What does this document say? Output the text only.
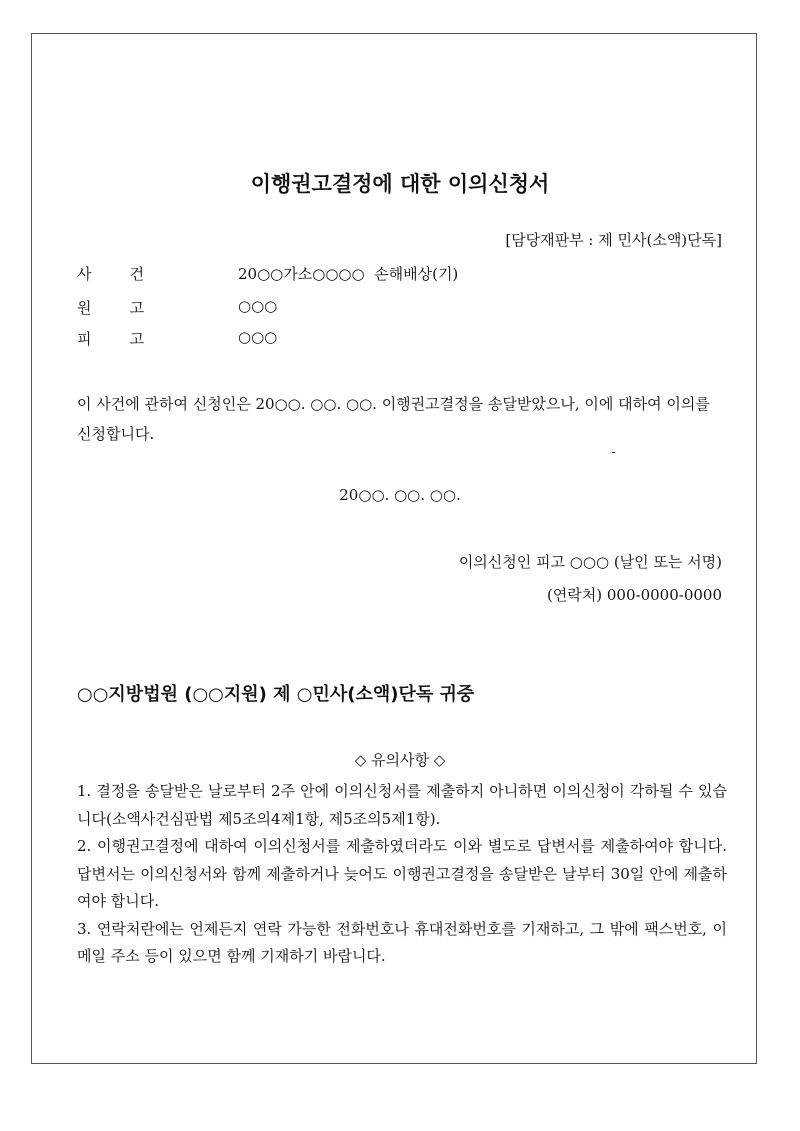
이행권고결정에 대한 이의신청서
[담당재판부 : 제 민사(소액)단독]
사        건	20○○가소○○○○  손해배상(기)
원        고	○○○
피        고	○○○
이 사건에 관하여 신청인은 20○○. ○○. ○○. 이행권고결정을 송달받았으나, 이에 대하여 이의를 신청합니다.
20○○. ○○. ○○.
이의신청인 피고 ○○○ (날인 또는 서명)
(연락처) 000-0000-0000
○○지방법원 (○○지원) 제 ○민사(소액)단독 귀중
◇ 유의사항 ◇

1. 결정을 송달받은 날로부터 2주 안에 이의신청서를 제출하지 아니하면 이의신청이 각하될 수 있습니다(소액사건심판법 제5조의4제1항, 제5조의5제1항).

2. 이행권고결정에 대하여 이의신청서를 제출하였더라도 이와 별도로 답변서를 제출하여야 합니다. 답변서는 이의신청서와 함께 제출하거나 늦어도 이행권고결정을 송달받은 날부터 30일 안에 제출하여야 합니다.

3. 연락처란에는 언제든지 연락 가능한 전화번호나 휴대전화번호를 기재하고, 그 밖에 팩스번호, 이메일 주소 등이 있으면 함께 기재하기 바랍니다.
